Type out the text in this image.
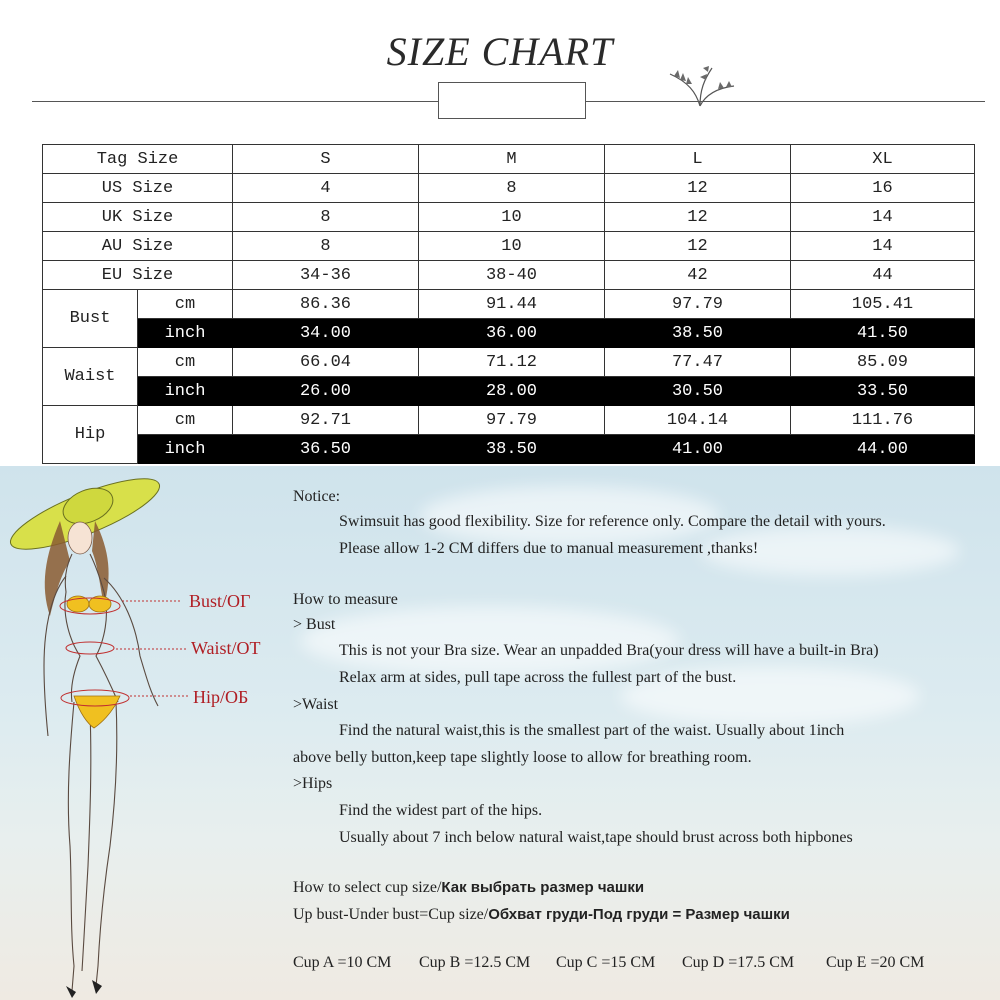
SIZE CHART
Tag Size		S	M	L	XL
US Size		4	8	12	16
UK Size		8	10	12	14
AU Size		8	10	12	14
EU Size		34-36	38-40	42	44
Bust	cm	86.36	91.44	97.79	105.41
	inch	34.00	36.00	38.50	41.50
Waist	cm	66.04	71.12	77.47	85.09
	inch	26.00	28.00	30.50	33.50
Hip	cm	92.71	97.79	104.14	111.76
	inch	36.50	38.50	41.00	44.00
Bust/ОГ
Waist/ОТ
Hip/ОБ
Notice:
Swimsuit has good flexibility. Size for reference only. Compare the detail with yours.
Please allow 1-2 CM differs due to manual measurement ,thanks!
How to measure
> Bust
This is not your Bra size. Wear an unpadded Bra(your dress will have a built-in Bra)
Relax arm at sides, pull tape across the fullest part of the bust.
>Waist
Find the natural waist,this is the smallest part of the waist. Usually about 1inch
above belly button,keep tape slightly loose to allow for breathing room.
>Hips
Find the widest part of the hips.
Usually about 7 inch below natural waist,tape should brust across both hipbones
How to select cup size/Как выбрать размер чашки
Up bust-Under bust=Cup size/Обхват груди-Под груди = Размер чашки
Cup A =10 CM Cup B =12.5 CM Cup C =15 CM Cup D =17.5 CM Cup E =20 CM
